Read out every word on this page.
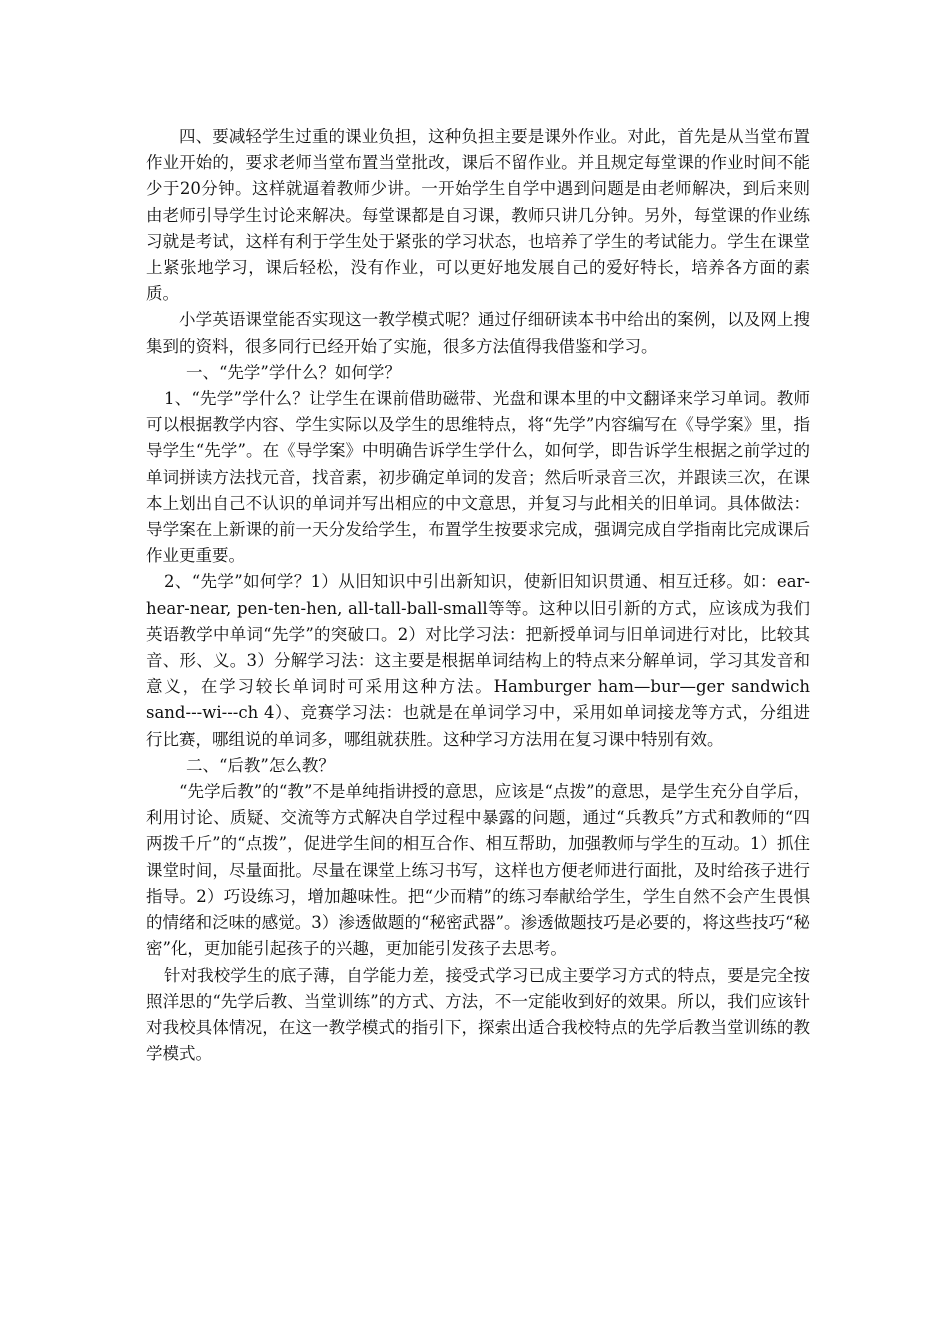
四、要减轻学生过重的课业负担，这种负担主要是课外作业。对此，首先是从当堂布置作业开始的，要求老师当堂布置当堂批改，课后不留作业。并且规定每堂课的作业时间不能少于20分钟。这样就逼着教师少讲。一开始学生自学中遇到问题是由老师解决，到后来则由老师引导学生讨论来解决。每堂课都是自习课，教师只讲几分钟。另外，每堂课的作业练习就是考试，这样有利于学生处于紧张的学习状态，也培养了学生的考试能力。学生在课堂上紧张地学习，课后轻松，没有作业，可以更好地发展自己的爱好特长，培养各方面的素质。

小学英语课堂能否实现这一教学模式呢？通过仔细研读本书中给出的案例，以及网上搜集到的资料，很多同行已经开始了实施，很多方法值得我借鉴和学习。

一、“先学”学什么？如何学？

1、“先学”学什么？让学生在课前借助磁带、光盘和课本里的中文翻译来学习单词。教师可以根据教学内容、学生实际以及学生的思维特点，将“先学”内容编写在《导学案》里，指导学生“先学”。在《导学案》中明确告诉学生学什么，如何学，即告诉学生根据之前学过的单词拼读方法找元音，找音素，初步确定单词的发音；然后听录音三次，并跟读三次，在课本上划出自己不认识的单词并写出相应的中文意思，并复习与此相关的旧单词。具体做法：导学案在上新课的前一天分发给学生，布置学生按要求完成，强调完成自学指南比完成课后作业更重要。

2、“先学”如何学？1）从旧知识中引出新知识，使新旧知识贯通、相互迁移。如：ear-hear-near, pen-ten-hen, all-tall-ball-small等等。这种以旧引新的方式，应该成为我们英语教学中单词“先学”的突破口。2）对比学习法：把新授单词与旧单词进行对比，比较其音、形、义。3）分解学习法：这主要是根据单词结构上的特点来分解单词，学习其发音和意义，在学习较长单词时可采用这种方法。Hamburger ham—bur—ger sandwich sand---wi---ch 4）、竞赛学习法：也就是在单词学习中，采用如单词接龙等方式，分组进行比赛，哪组说的单词多，哪组就获胜。这种学习方法用在复习课中特别有效。

二、“后教”怎么教？

“先学后教”的“教”不是单纯指讲授的意思，应该是“点拨”的意思，是学生充分自学后，利用讨论、质疑、交流等方式解决自学过程中暴露的问题，通过“兵教兵”方式和教师的“四两拨千斤”的“点拨”，促进学生间的相互合作、相互帮助，加强教师与学生的互动。1）抓住课堂时间，尽量面批。尽量在课堂上练习书写，这样也方便老师进行面批，及时给孩子进行指导。2）巧设练习，增加趣味性。把“少而精”的练习奉献给学生，学生自然不会产生畏惧的情绪和泛味的感觉。3）渗透做题的“秘密武器”。渗透做题技巧是必要的，将这些技巧“秘密”化，更加能引起孩子的兴趣，更加能引发孩子去思考。

针对我校学生的底子薄，自学能力差，接受式学习已成主要学习方式的特点，要是完全按照洋思的“先学后教、当堂训练”的方式、方法，不一定能收到好的效果。所以，我们应该针对我校具体情况，在这一教学模式的指引下，探索出适合我校特点的先学后教当堂训练的教学模式。
